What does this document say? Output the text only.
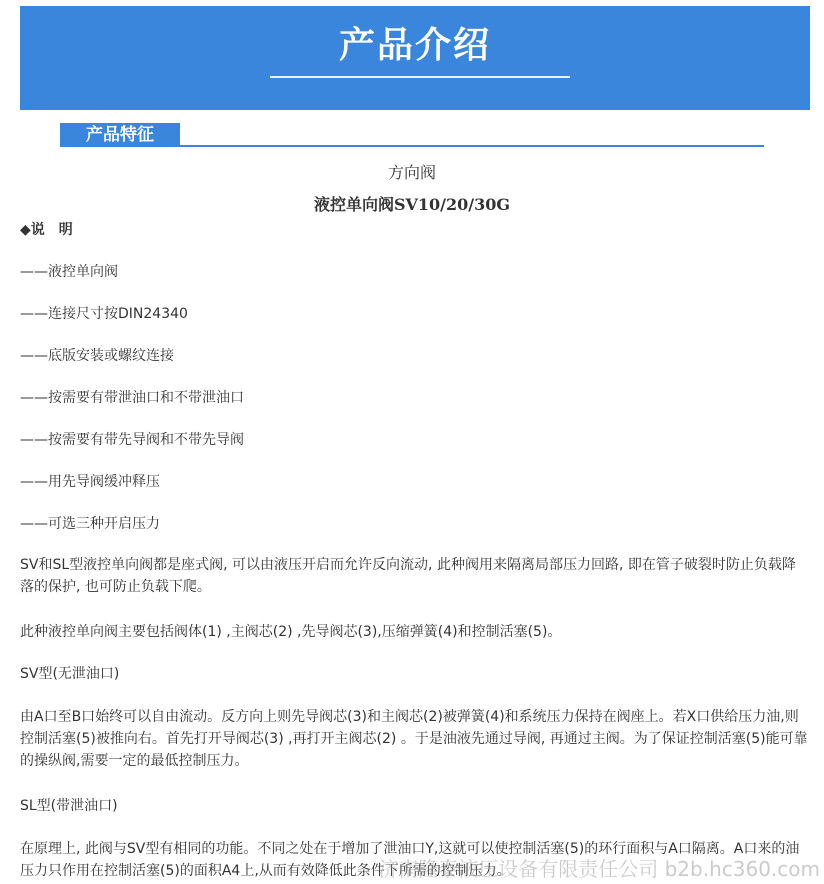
产品介绍
产品特征
方向阀
液控单向阀SV10/20/30G
◆说　明
——液控单向阀
——连接尺寸按DIN24340
——底版安装或螺纹连接
——按需要有带泄油口和不带泄油口
——按需要有带先导阀和不带先导阀
——用先导阀缓冲释压
——可选三种开启压力
SV和SL型液控单向阀都是座式阀, 可以由液压开启而允许反向流动, 此种阀用来隔离局部压力回路, 即在管子破裂时防止负载降落的保护, 也可防止负载下爬。
此种液控单向阀主要包括阀体(1) ,主阀芯(2) ,先导阀芯(3),压缩弹簧(4)和控制活塞(5)。
SV型(无泄油口)
由A口至B口始终可以自由流动。反方向上则先导阀芯(3)和主阀芯(2)被弹簧(4)和系统压力保持在阀座上。若X口供给压力油,则控制活塞(5)被推向右。首先打开导阀芯(3) ,再打开主阀芯(2) 。于是油液先通过导阀, 再通过主阀。为了保证控制活塞(5)能可靠的操纵阀,需要一定的最低控制压力。
SL型(带泄油口)
在原理上, 此阀与SV型有相同的功能。不同之处在于增加了泄油口Y,这就可以使控制活塞(5)的环行面积与A口隔离。A口来的油压力只作用在控制活塞(5)的面积A4上,从而有效降低此条件下所需的控制压力。
济南隆泰液压设备有限责任公司 b2b.hc360.com
